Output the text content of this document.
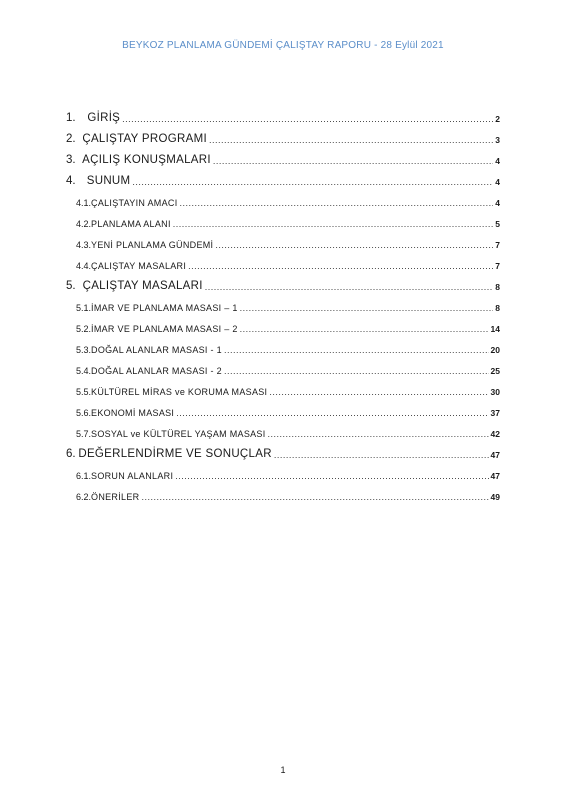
BEYKOZ PLANLAMA GÜNDEMİ ÇALIŞTAY RAPORU - 28 Eylül 2021
1.	GİRİŞ .....	2
2. ÇALIŞTAY PROGRAMI .....	3
3. AÇILIŞ KONUŞMALARI .....	4
4. SUNUM .....	4
4.1. ÇALIŞTAYIN AMACI .....	4
4.2. PLANLAMA ALANI .....	5
4.3. YENİ PLANLAMA GÜNDEMİ .....	7
4.4. ÇALIŞTAY MASALARI .....	7
5. ÇALIŞTAY MASALARI .....	8
5.1. İMAR VE PLANLAMA MASASI – 1 .....	8
5.2. İMAR VE PLANLAMA MASASI – 2 .....	14
5.3. DOĞAL ALANLAR MASASI - 1 .....	20
5.4. DOĞAL ALANLAR MASASI - 2 .....	25
5.5. KÜLTÜREL MİRAS ve KORUMA MASASI .....	30
5.6. EKONOMİ MASASI .....	37
5.7. SOSYAL ve KÜLTÜREL YAŞAM MASASI .....	42
6. DEĞERLENDİRME VE SONUÇLAR .....	47
6.1. SORUN ALANLARI .....	47
6.2. ÖNERİLER .....	49
1
